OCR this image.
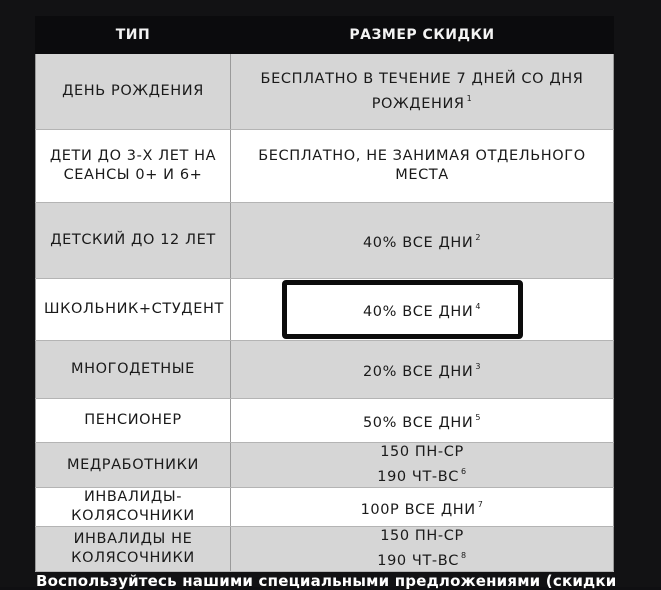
ТИП	РАЗМЕР СКИДКИ
ДЕНЬ РОЖДЕНИЯ	БЕСПЛАТНО В ТЕЧЕНИЕ 7 ДНЕЙ СО ДНЯ
РОЖДЕНИЯ $^1$
ДЕТИ ДО 3-Х ЛЕТ НА
СЕАНСЫ 0+ И 6+	БЕСПЛАТНО, НЕ ЗАНИМАЯ ОТДЕЛЬНОГО
МЕСТА
ДЕТСКИЙ ДО 12 ЛЕТ	40% ВСЕ ДНИ $^2$
ШКОЛЬНИК+СТУДЕНТ	40% ВСЕ ДНИ $^4$
МНОГОДЕТНЫЕ	20% ВСЕ ДНИ $^3$
ПЕНСИОНЕР	50% ВСЕ ДНИ $^5$
МЕДРАБОТНИКИ	150 ПН-СР
190 ЧТ-ВС $^6$
ИНВАЛИДЫ-
КОЛЯСОЧНИКИ	100Р ВСЕ ДНИ $^7$
ИНВАЛИДЫ НЕ
КОЛЯСОЧНИКИ	150 ПН-СР
190 ЧТ-ВС $^8$
Воспользуйтесь нашими специальными предложениями (скидки
